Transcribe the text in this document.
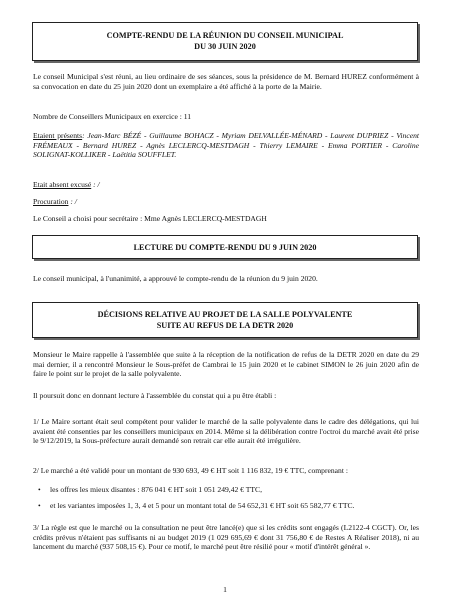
COMPTE-RENDU DE LA RÉUNION DU CONSEIL MUNICIPAL
DU 30 JUIN 2020
Le conseil Municipal s'est réuni, au lieu ordinaire de ses séances, sous la présidence de M. Bernard HUREZ conformément à sa convocation en date du 25 juin 2020 dont un exemplaire a été affiché à la porte de la Mairie.
Nombre de Conseillers Municipaux en exercice : 11
Etaient présents: Jean-Marc BÉZÉ - Guillaume BOHACZ - Myriam DELVALLÉE-MÉNARD - Laurent DUPRIEZ - Vincent FRÉMEAUX - Bernard HUREZ - Agnès LECLERCQ-MESTDAGH - Thierry LEMAIRE - Emma PORTIER - Caroline SOLIGNAT-KOLLIKER - Laëtitia SOUFFLET.
Etait absent excusé : /
Procuration : /
Le Conseil a choisi pour secrétaire : Mme Agnès LECLERCQ-MESTDAGH
LECTURE DU COMPTE-RENDU DU 9 JUIN 2020
Le conseil municipal, à l'unanimité, a approuvé le compte-rendu de la réunion du 9 juin 2020.
DÉCISIONS RELATIVE AU PROJET DE LA SALLE POLYVALENTE
SUITE AU REFUS DE LA DETR 2020
Monsieur le Maire rappelle à l'assemblée que suite à la réception de la notification de refus de la DETR 2020 en date du 29 mai dernier, il a rencontré Monsieur le Sous-préfet de Cambrai le 15 juin 2020 et le cabinet SIMON le 26 juin 2020 afin de faire le point sur le projet de la salle polyvalente.
Il poursuit donc en donnant lecture à l'assemblée du constat qui a pu être établi :
1/ Le Maire sortant était seul compétent pour valider le marché de la salle polyvalente dans le cadre des délégations, qui lui avaient été consenties par les conseillers municipaux en 2014. Même si la délibération contre l'octroi du marché avait été prise le 9/12/2019, la Sous-préfecture aurait demandé son retrait car elle aurait été irrégulière.
2/ Le marché a été validé pour un montant de 930 693, 49 € HT soit 1 116 832, 19 € TTC, comprenant :
• les offres les mieux disantes : 876 041 € HT soit 1 051 249,42 € TTC,
• et les variantes imposées 1, 3, 4 et 5 pour un montant total de 54 652,31 € HT soit 65 582,77 € TTC.
3/ La règle est que le marché ou la consultation ne peut être lancé(e) que si les crédits sont engagés (L2122-4 CGCT). Or, les crédits prévus n'étaient pas suffisants ni au budget 2019 (1 029 695,69 € dont 31 756,80 € de Restes A Réaliser 2018), ni au lancement du marché (937 508,15 €). Pour ce motif, le marché peut être résilié pour « motif d'intérêt général ».
1
